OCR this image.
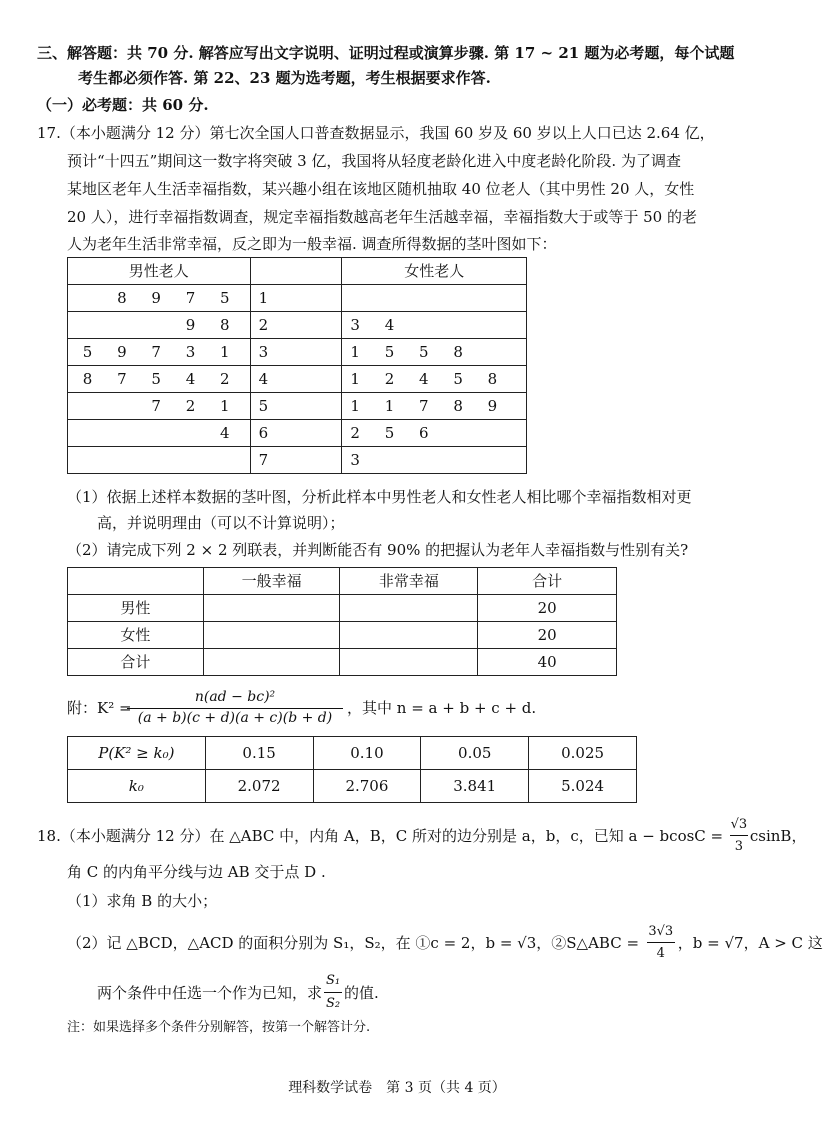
三、解答题：共 70 分. 解答应写出文字说明、证明过程或演算步骤. 第 17 ~ 21 题为必考题，每个试题
考生都必须作答. 第 22、23 题为选考题，考生根据要求作答.
（一）必考题：共 60 分.
17.（本小题满分 12 分）第七次全国人口普查数据显示，我国 60 岁及 60 岁以上人口已达 2.64 亿，
预计“十四五”期间这一数字将突破 3 亿，我国将从轻度老龄化进入中度老龄化阶段. 为了调查
某地区老年人生活幸福指数，某兴趣小组在该地区随机抽取 40 位老人（其中男性 20 人，女性
20 人），进行幸福指数调查，规定幸福指数越高老年生活越幸福，幸福指数大于或等于 50 的老
人为老年生活非常幸福，反之即为一般幸福. 调查所得数据的茎叶图如下：
男性老人		女性老人
8 9 7 5	1	
9 8	2	3 4
5 9 7 3 1	3	1 5 5 8
8 7 5 4 2	4	1 2 4 5 8
7 2 1	5	1 1 7 8 9
4	6	2 5 6
	7	3
（1）依据上述样本数据的茎叶图，分析此样本中男性老人和女性老人相比哪个幸福指数相对更
高，并说明理由（可以不计算说明）；
（2）请完成下列 2 × 2 列联表，并判断能否有 90% 的把握认为老年人幸福指数与性别有关?
	一般幸福	非常幸福	合计
男性			20
女性			20
合计			40
附：K² =
n(ad − bc)²
(a + b)(c + d)(a + c)(b + d)
，其中 n = a + b + c + d.
P(K² ≥ k₀)	0.15	0.10	0.05	0.025
k₀	2.072	2.706	3.841	5.024
18.（本小题满分 12 分）在 △ABC 中，内角 A，B，C 所对的边分别是 a，b，c，已知 $a - bcosC = \frac{√3}{3}$ csinB，
角 C 的内角平分线与边 AB 交于点 D .
（1）求角 B 的大小；
（2）记 △BCD，△ACD 的面积分别为 S₁，S₂，在 ①c = 2，b = √3，②S△ABC = $\frac{3√3}{4}$ ，b = √7，A > C 这
两个条件中任选一个作为已知，求 $\frac{\text{S₁}}{\text{S₂}}$ 的值.
注：如果选择多个条件分别解答，按第一个解答计分.
理科数学试卷　第 3 页（共 4 页）
